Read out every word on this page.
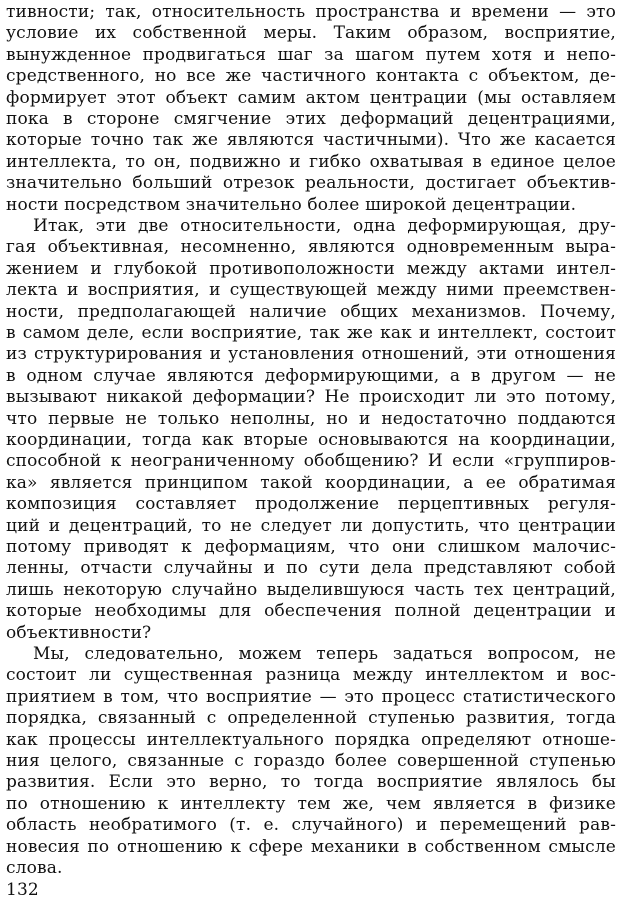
тивности; так, относительность пространства и времени — это
условие их собственной меры. Таким образом, восприятие,
вынужденное продвигаться шаг за шагом путем хотя и непо-
средственного, но все же частичного контакта с объектом, де-
формирует этот объект самим актом центрации (мы оставляем
пока в стороне смягчение этих деформаций децентрациями,
которые точно так же являются частичными). Что же касается
интеллекта, то он, подвижно и гибко охватывая в единое целое
значительно больший отрезок реальности, достигает объектив-
ности посредством значительно более широкой децентрации.
Итак, эти две относительности, одна деформирующая, дру-
гая объективная, несомненно, являются одновременным выра-
жением и глубокой противоположности между актами интел-
лекта и восприятия, и существующей между ними преемствен-
ности, предполагающей наличие общих механизмов. Почему,
в самом деле, если восприятие, так же как и интеллект, состоит
из структурирования и установления отношений, эти отношения
в одном случае являются деформирующими, а в другом — не
вызывают никакой деформации? Не происходит ли это потому,
что первые не только неполны, но и недостаточно поддаются
координации, тогда как вторые основываются на координации,
способной к неограниченному обобщению? И если «группиров-
ка» является принципом такой координации, а ее обратимая
композиция составляет продолжение перцептивных регуля-
ций и децентраций, то не следует ли допустить, что центрации
потому приводят к деформациям, что они слишком малочис-
ленны, отчасти случайны и по сути дела представляют собой
лишь некоторую случайно выделившуюся часть тех центраций,
которые необходимы для обеспечения полной децентрации и
объективности?
Мы, следовательно, можем теперь задаться вопросом, не
состоит ли существенная разница между интеллектом и вос-
приятием в том, что восприятие — это процесс статистического
порядка, связанный с определенной ступенью развития, тогда
как процессы интеллектуального порядка определяют отноше-
ния целого, связанные с гораздо более совершенной ступенью
развития. Если это верно, то тогда восприятие являлось бы
по отношению к интеллекту тем же, чем является в физике
область необратимого (т. е. случайного) и перемещений рав-
новесия по отношению к сфере механики в собственном смысле
132
слова.
